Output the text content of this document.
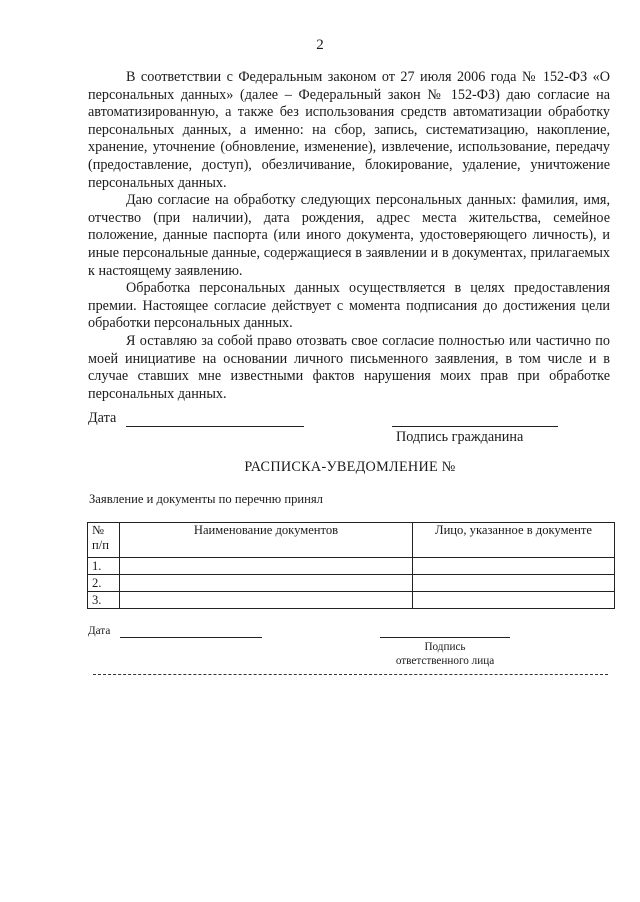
2

В соответствии с Федеральным законом от 27 июля 2006 года № 152-ФЗ «О персональных данных» (далее – Федеральный закон № 152-ФЗ) даю согласие на автоматизированную, а также без использования средств автоматизации обработку персональных данных, а именно: на сбор, запись, систематизацию, накопление, хранение, уточнение (обновление, изменение), извлечение, использование, передачу (предоставление, доступ), обезличивание, блокирование, удаление, уничтожение персональных данных.

Даю согласие на обработку следующих персональных данных: фамилия, имя, отчество (при наличии), дата рождения, адрес места жительства, семейное положение, данные паспорта (или иного документа, удостоверяющего личность), и иные персональные данные, содержащиеся в заявлении и в документах, прилагаемых к настоящему заявлению.

Обработка персональных данных осуществляется в целях предоставления премии. Настоящее согласие действует с момента подписания до достижения цели обработки персональных данных.

Я оставляю за собой право отозвать свое согласие полностью или частично по моей инициативе на основании личного письменного заявления, в том числе и в случае ставших мне известными фактов нарушения моих прав при обработке персональных данных.

Дата
Подпись гражданина
РАСПИСКА-УВЕДОМЛЕНИЕ №
Заявление и документы по перечню принял
№ п/п	Наименование документов	Лицо, указанное в документе
1.		
2.		
3.		
Дата
Подпись
ответственного лица
